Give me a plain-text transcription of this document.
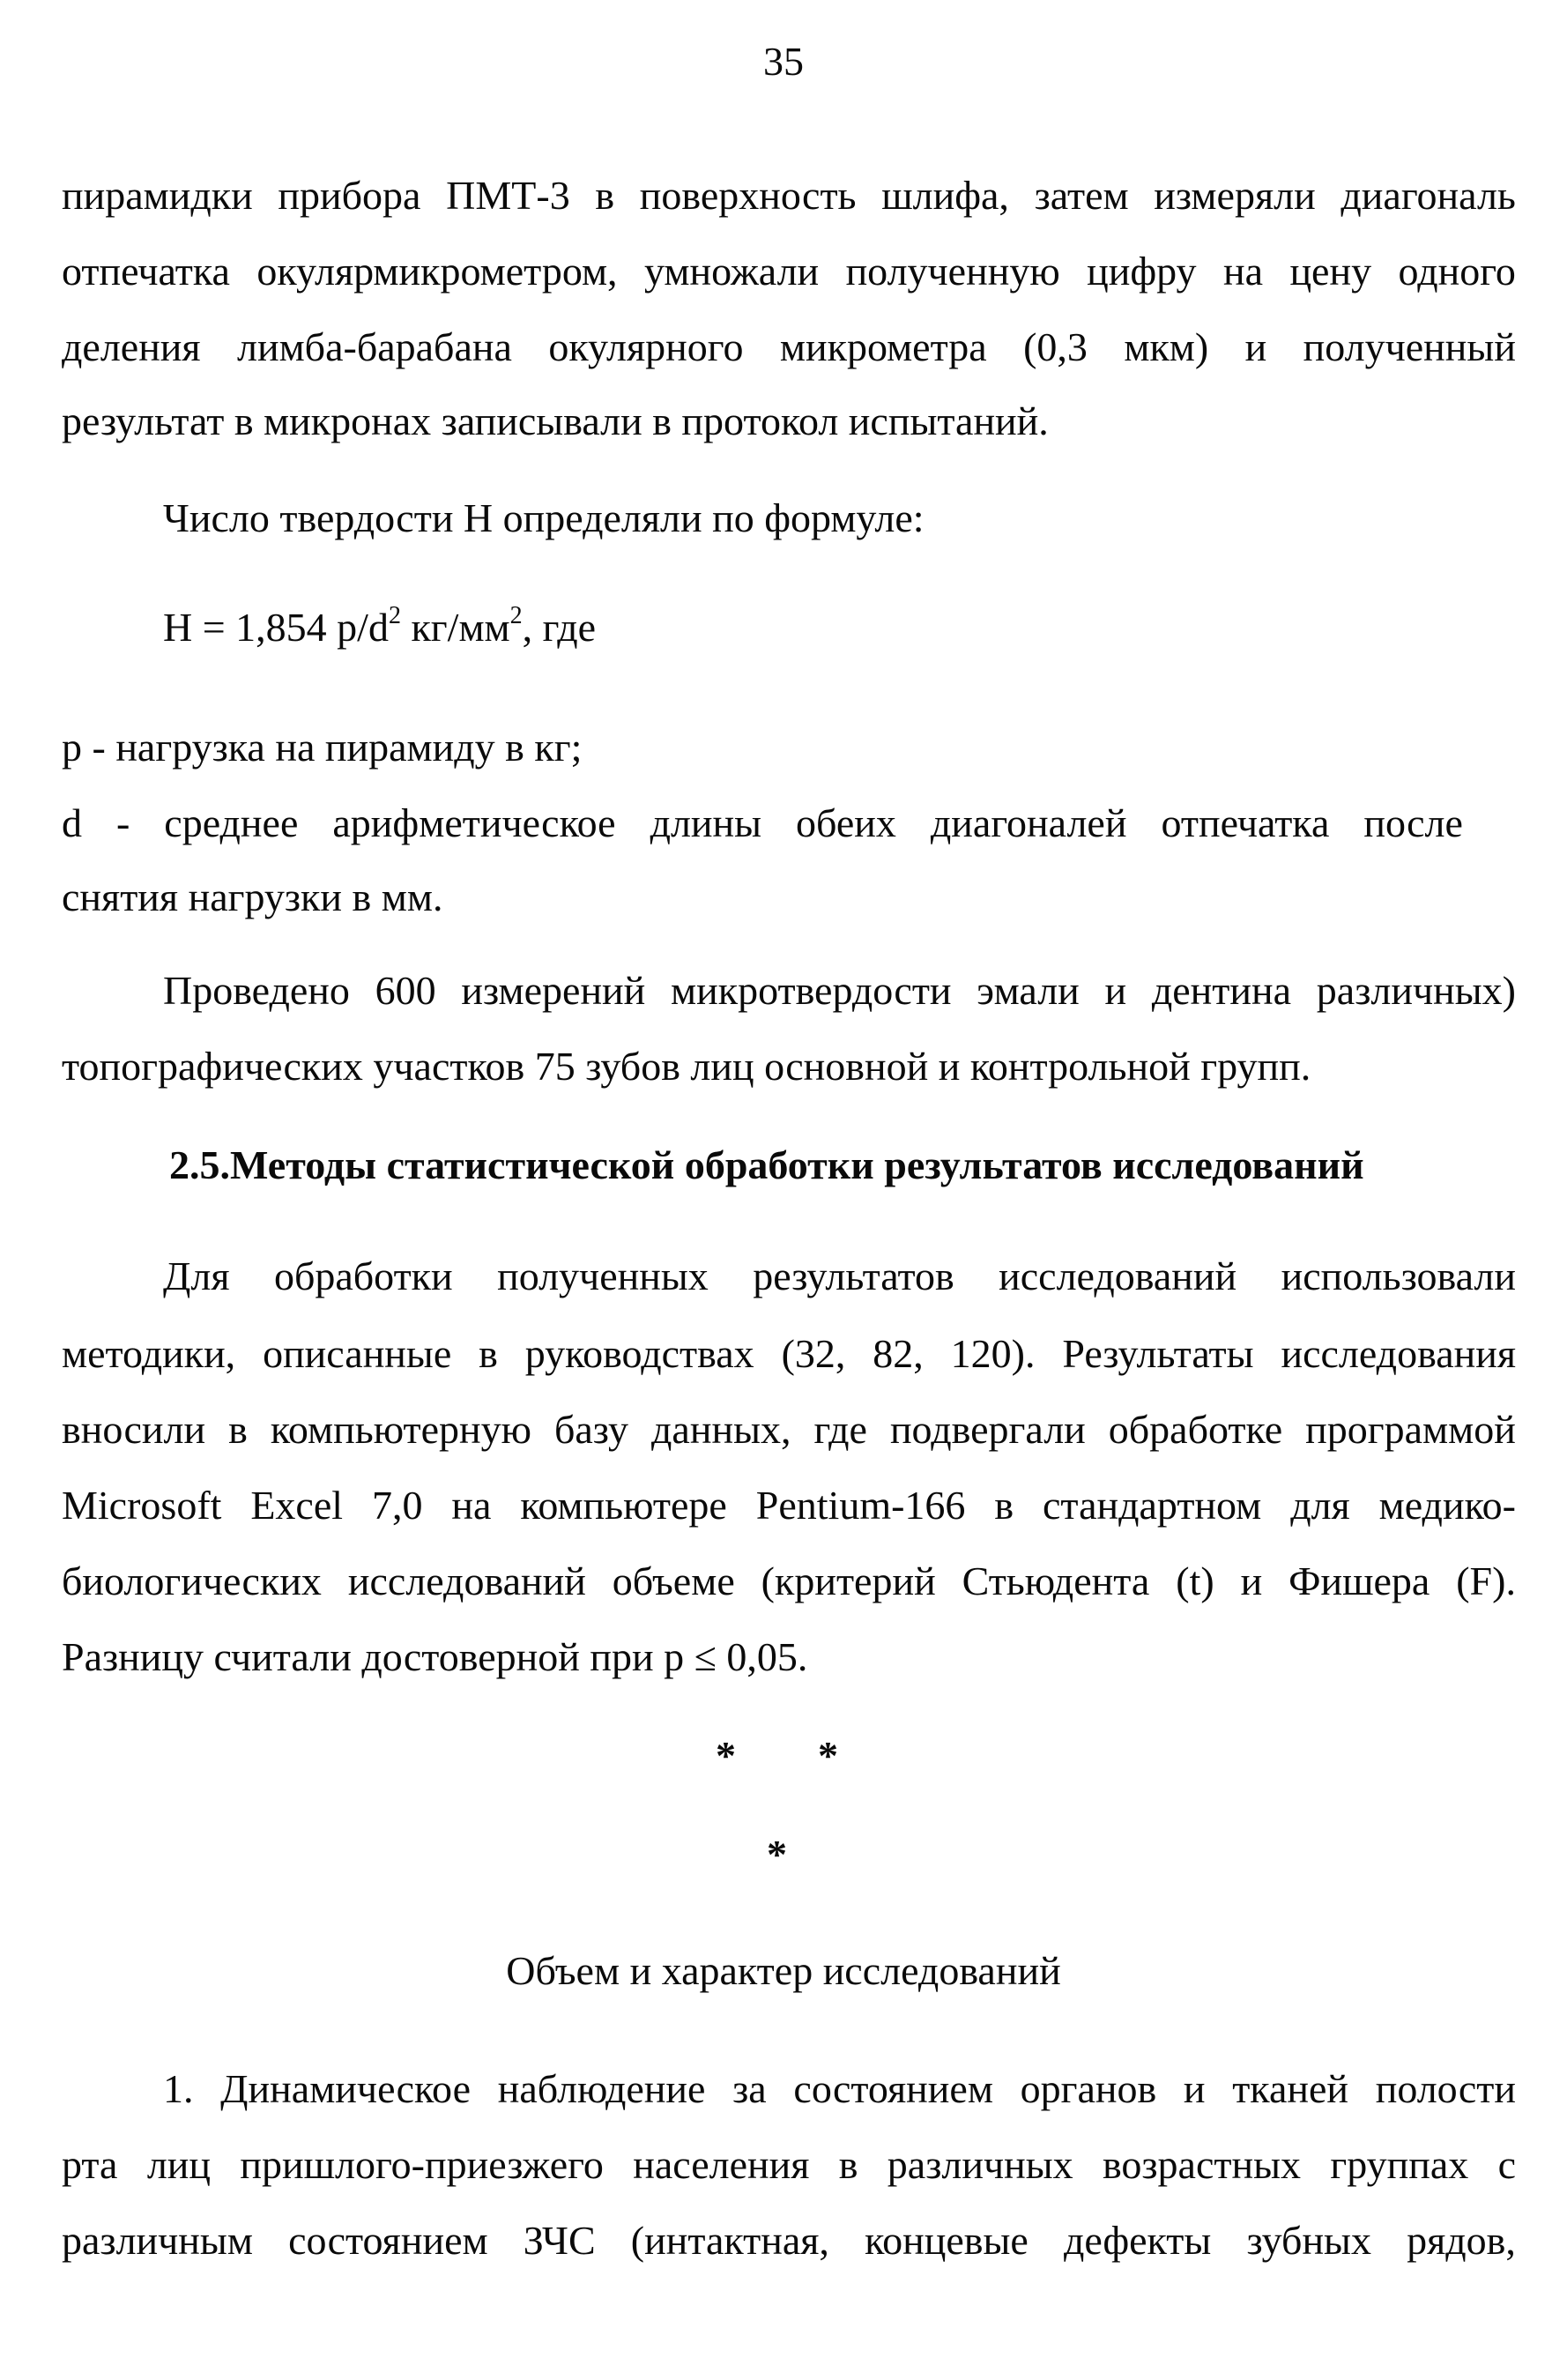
35
пирамидки прибора ПМТ-3 в поверхность шлифа, затем измеряли диагональ
отпечатка окулярмикрометром, умножали полученную цифру на цену одного
деления лимба-барабана окулярного микрометра (0,3 мкм) и полученный
результат в микронах записывали в протокол испытаний.
Число твердости Н определяли по формуле:
Н = 1,854 $p/d^2$ $кг/мм^2$, где
p - нагрузка на пирамиду в кг;
d - среднее арифметическое длины обеих диагоналей отпечатка после
снятия нагрузки в мм.
Проведено 600 измерений микротвердости эмали и дентина различных)
топографических участков 75 зубов лиц основной и контрольной групп.
2.5.Методы статистической обработки результатов исследований
Для обработки полученных результатов исследований использовали
методики, описанные в руководствах (32, 82, 120). Результаты исследования
вносили в компьютерную базу данных, где подвергали обработке программой
Microsoft Excel 7,0 на компьютере Pentium-166 в стандартном для медико-
биологических исследований объеме (критерий Стьюдента (t) и Фишера (F).
Разницу считали достоверной при р ≤ 0,05.
* *
*
Объем и характер исследований
1. Динамическое наблюдение за состоянием органов и тканей полости
рта лиц пришлого-приезжего населения в различных возрастных группах с
различным состоянием ЗЧС (интактная, концевые дефекты зубных рядов,
